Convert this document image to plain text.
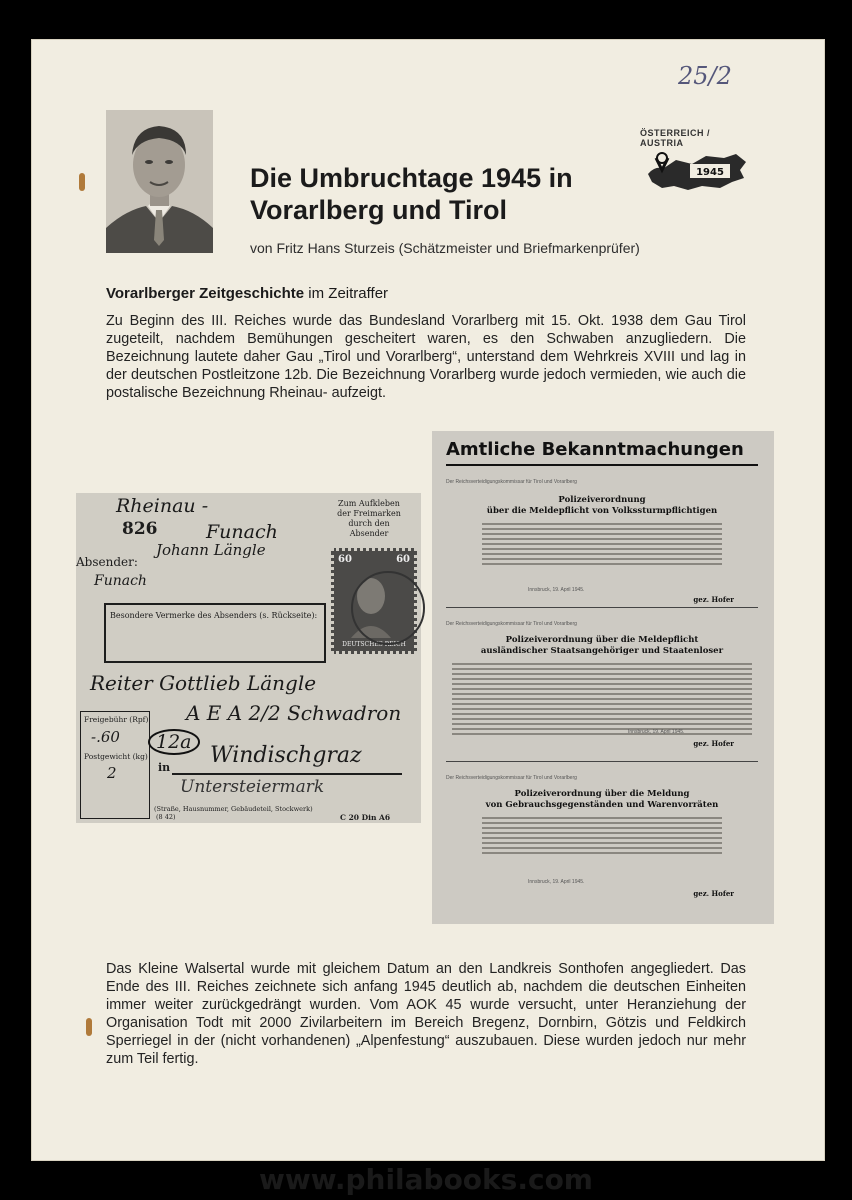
25/2
Die Umbruchtage 1945 in
Vorarlberg und Tirol
von Fritz Hans Sturzeis (Schätzmeister und Briefmarkenprüfer)
ÖSTERREICH / AUSTRIA
1945
Vorarlberger Zeitgeschichte im Zeitraffer

Zu Beginn des III. Reiches wurde das Bundesland Vorarlberg mit 15. Okt. 1938 dem Gau Tirol zugeteilt, nachdem Bemühungen gescheitert waren, es den Schwaben anzugliedern. Die Bezeichnung lautete daher Gau „Tirol und Vorarlberg“, unterstand dem Wehrkreis XVIII und lag in der deutschen Postleitzone 12b. Die Bezeichnung Vorarlberg wurde jedoch vermieden, wie auch die postalische Bezeichnung Rheinau- aufzeigt.

Rheinau -
826	Funach
Johann Längle
Absender:
Funach
Zum Aufkleben der Freimarken durch den Absender
60	60
DEUTSCHES REICH
Besondere Vermerke des Absenders (s. Rückseite):
Reiter Gottlieb Längle
A E A 2/2 Schwadron
Freigebühr (Rpf)
-.60
Postgewicht (kg)
2
12a
in Windischgraz
Untersteiermark
(Straße, Hausnummer, Gebäudeteil, Stockwerk)
(8 42)	C 20 Din A6
Amtliche Bekanntmachungen
Der Reichsverteidigungskommissar für Tirol und Vorarlberg
Polizeiverordnung
über die Meldepflicht von Volkssturmpflichtigen
Innsbruck, 19. April 1945.
gez. Hofer
Der Reichsverteidigungskommissar für Tirol und Vorarlberg
Polizeiverordnung über die Meldepflicht
ausländischer Staatsangehöriger und Staatenloser
Innsbruck, 19. April 1945.
gez. Hofer
Der Reichsverteidigungskommissar für Tirol und Vorarlberg
Polizeiverordnung über die Meldung
von Gebrauchsgegenständen und Warenvorräten
Innsbruck, 19. April 1945.
gez. Hofer

Das Kleine Walsertal wurde mit gleichem Datum an den Landkreis Sonthofen angegliedert. Das Ende des III. Reiches zeichnete sich anfang 1945 deutlich ab, nachdem die deutschen Einheiten immer weiter zurückgedrängt wurden. Vom AOK 45 wurde versucht, unter Heranziehung der Organisation Todt mit 2000 Zivilarbeitern im Bereich Bregenz, Dornbirn, Götzis und Feldkirch Sperriegel in der (nicht vorhandenen) „Alpenfestung“ auszubauen. Diese wurden jedoch nur mehr zum Teil fertig.

www.philabooks.com
